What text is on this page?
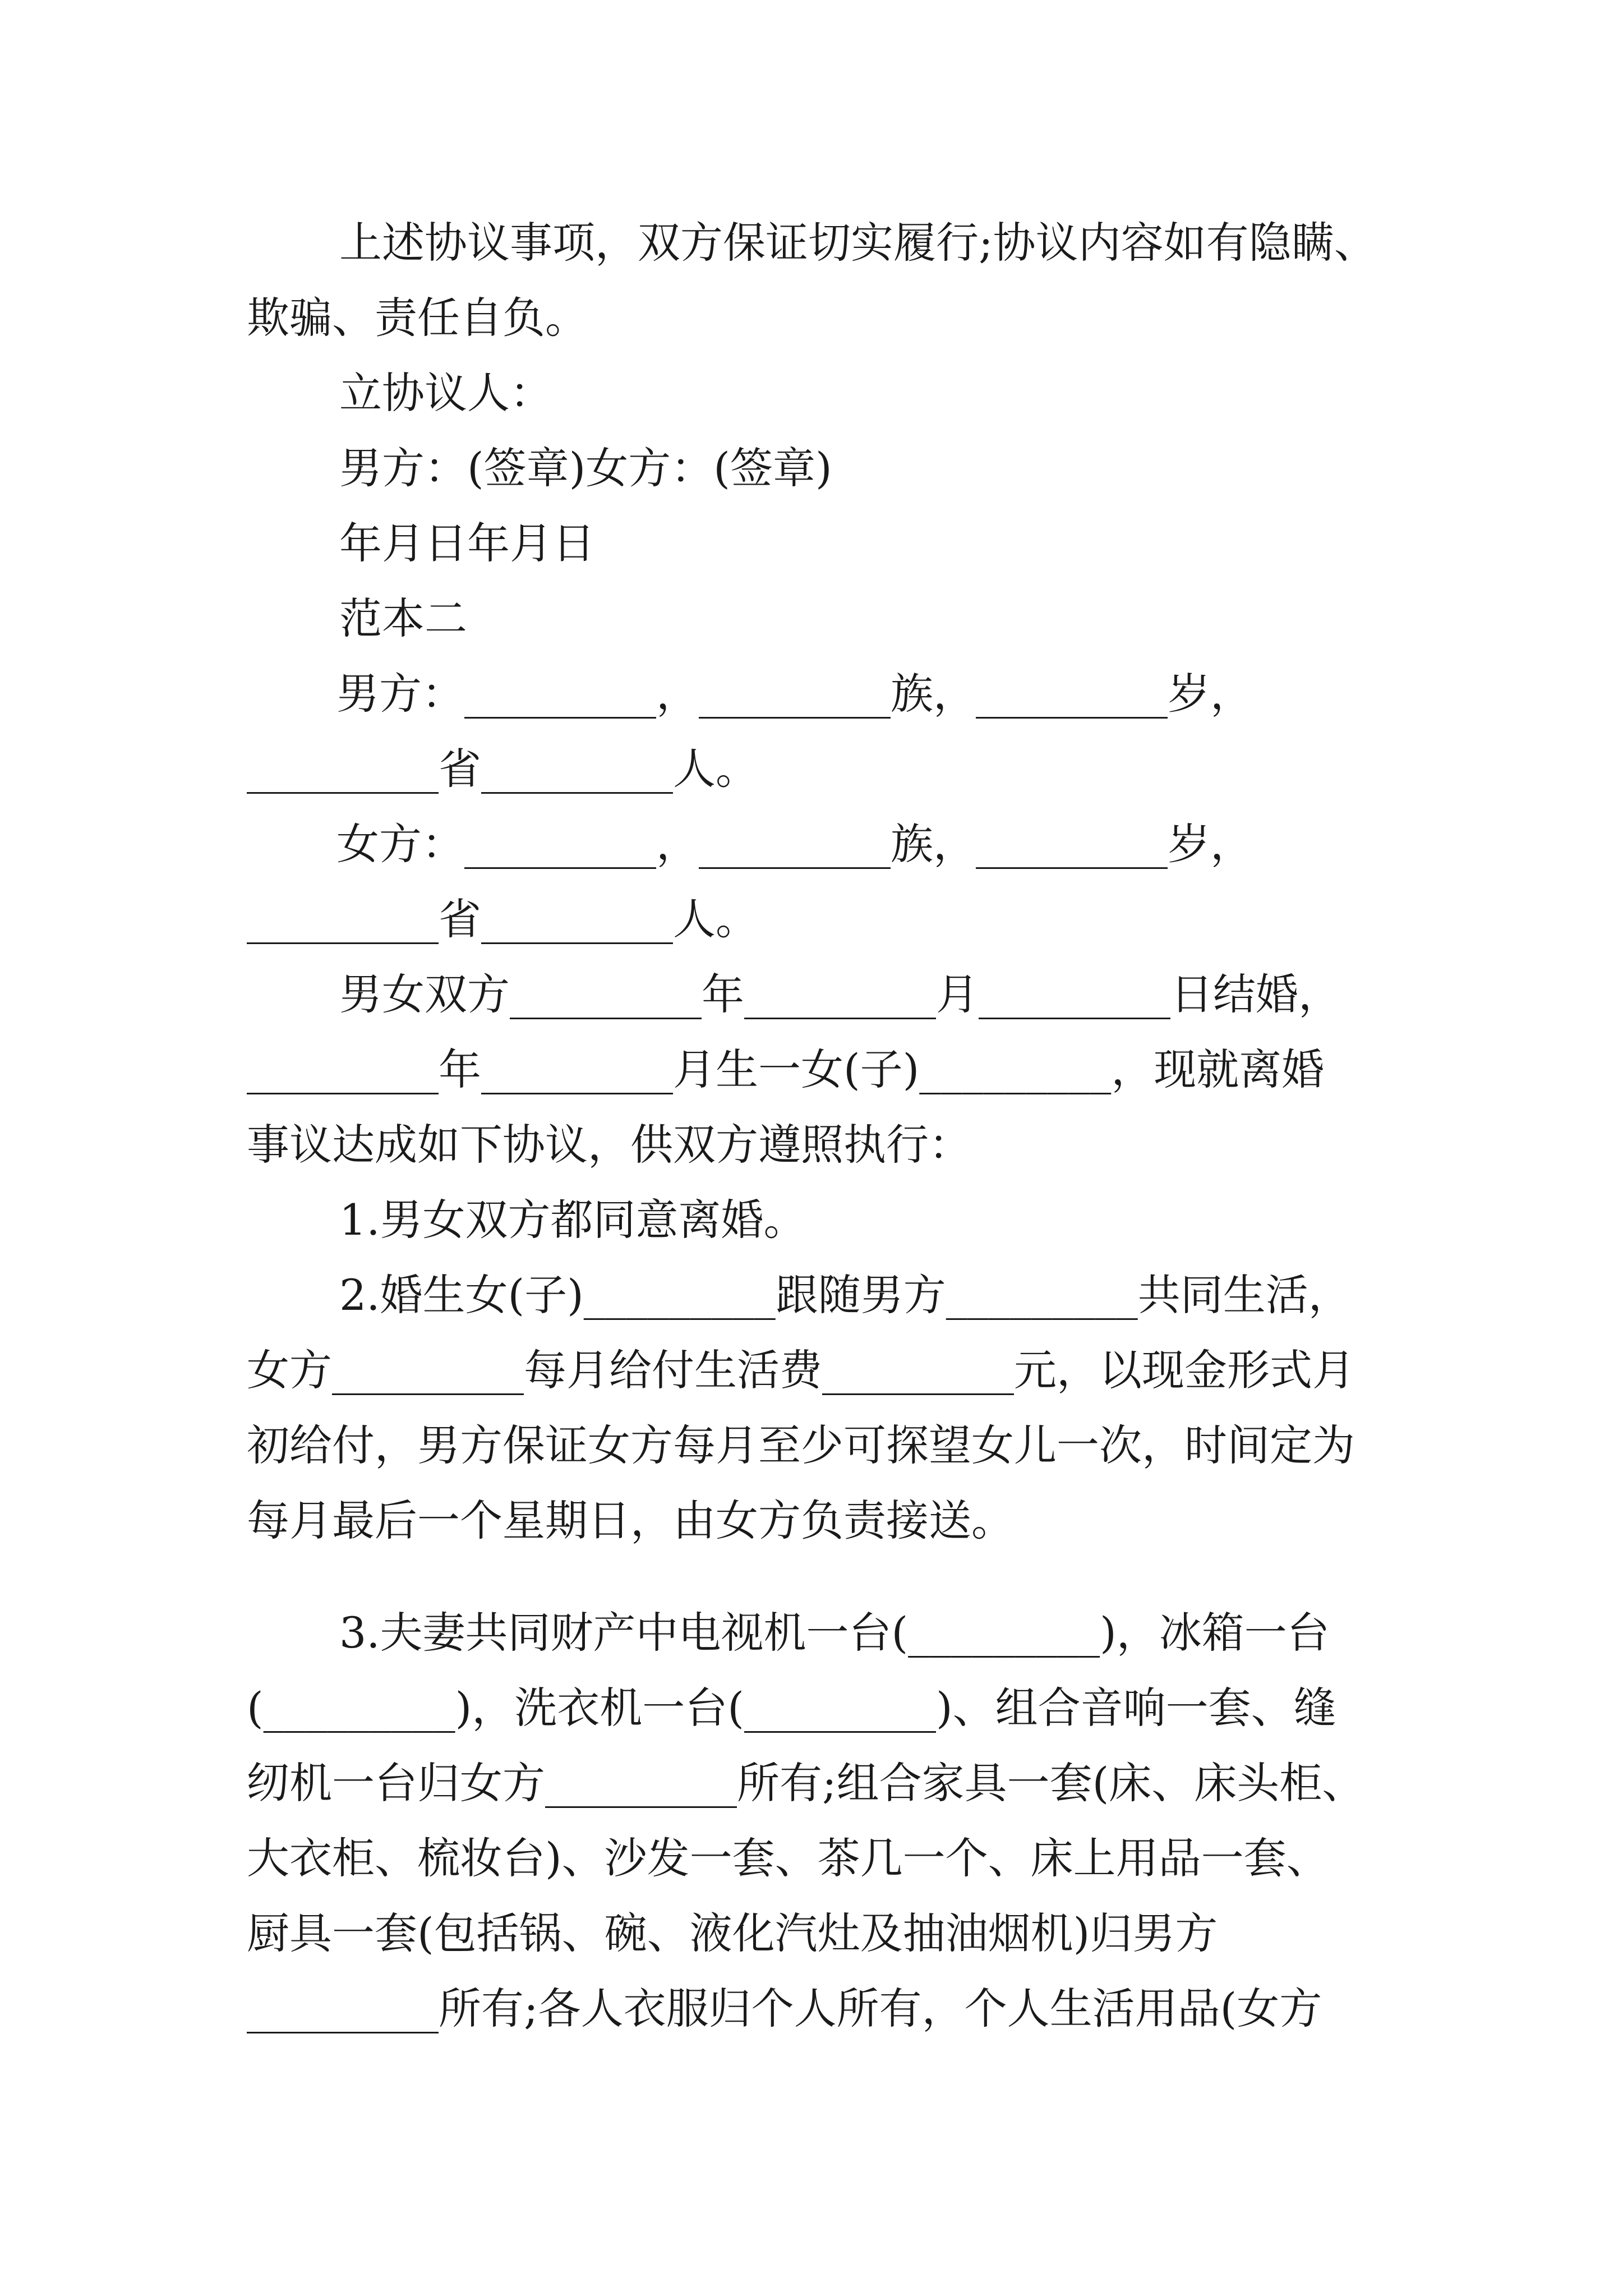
上述协议事项，双方保证切实履行;协议内容如有隐瞒、
欺骗、责任自负。
立协议人：
男方：(签章)女方：(签章)
年月日年月日
范本二
男方：_________，_________族，_________岁，
_________省_________人。
女方：_________，_________族，_________岁，
_________省_________人。
男女双方_________年_________月_________日结婚，
_________年_________月生一女(子)_________，现就离婚
事议达成如下协议，供双方遵照执行：
1.男女双方都同意离婚。
2.婚生女(子)_________跟随男方_________共同生活，
女方_________每月给付生活费_________元，以现金形式月
初给付，男方保证女方每月至少可探望女儿一次，时间定为
每月最后一个星期日，由女方负责接送。
3.夫妻共同财产中电视机一台(_________)，冰箱一台
(_________)，洗衣机一台(_________)、组合音响一套、缝
纫机一台归女方_________所有;组合家具一套(床、床头柜、
大衣柜、梳妆台)、沙发一套、茶几一个、床上用品一套、
厨具一套(包括锅、碗、液化汽灶及抽油烟机)归男方
_________所有;各人衣服归个人所有，个人生活用品(女方
